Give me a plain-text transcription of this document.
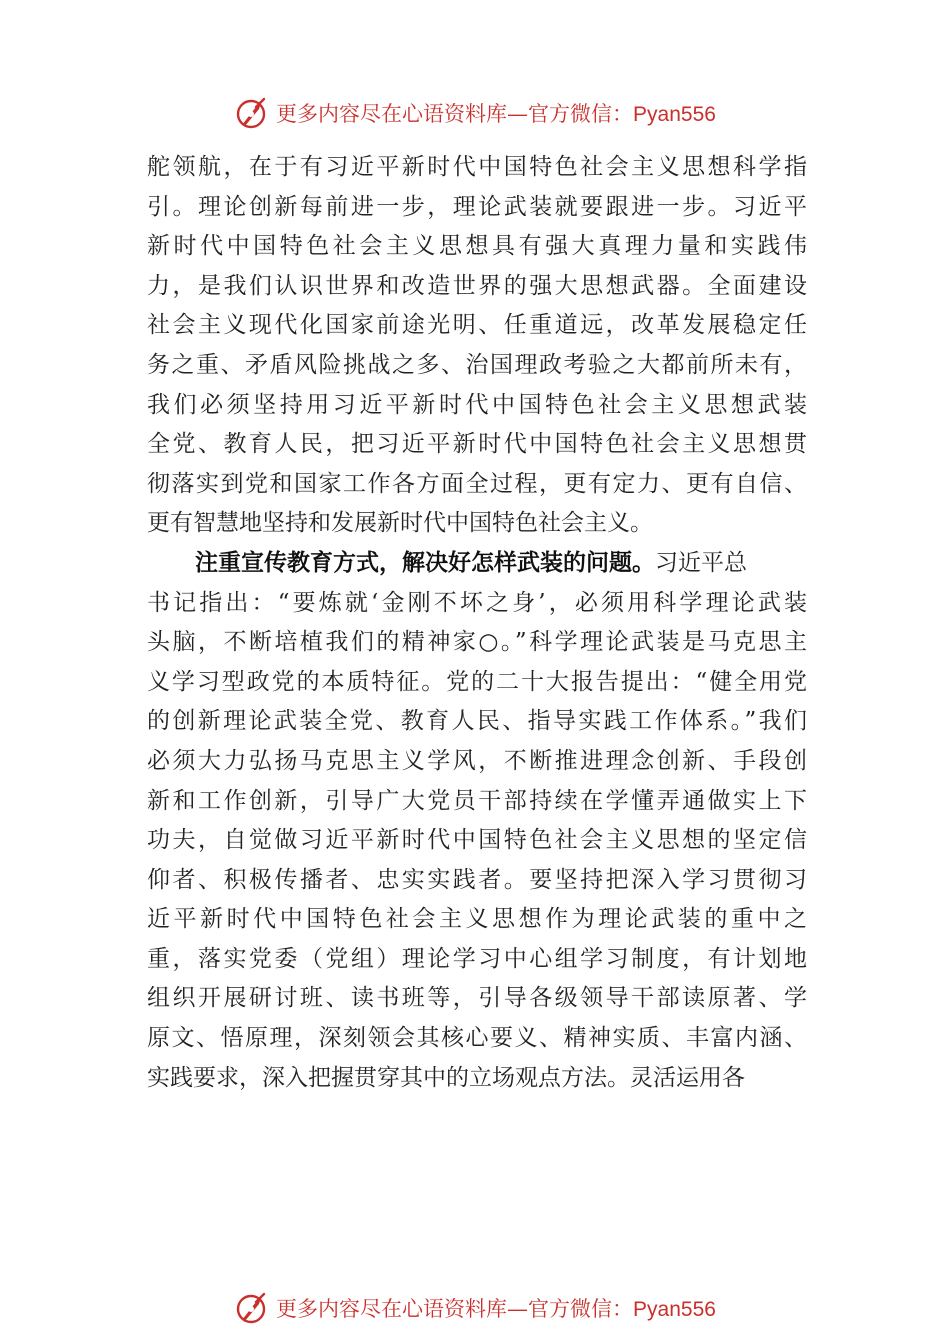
更多内容尽在心语资料库—官方微信：Pyan556
舵领航，在于有习近平新时代中国特色社会主义思想科学指
引。理论创新每前进一步，理论武装就要跟进一步。习近平
新时代中国特色社会主义思想具有强大真理力量和实践伟
力，是我们认识世界和改造世界的强大思想武器。全面建设
社会主义现代化国家前途光明、任重道远，改革发展稳定任
务之重、矛盾风险挑战之多、治国理政考验之大都前所未有，
我们必须坚持用习近平新时代中国特色社会主义思想武装
全党、教育人民，把习近平新时代中国特色社会主义思想贯
彻落实到党和国家工作各方面全过程，更有定力、更有自信、
更有智慧地坚持和发展新时代中国特色社会主义。
注重宣传教育方式，解决好怎样武装的问题。习近平总
书记指出：“要炼就‘金刚不坏之身’，必须用科学理论武装
头脑，不断培植我们的精神家○。”科学理论武装是马克思主
义学习型政党的本质特征。党的二十大报告提出：“健全用党
的创新理论武装全党、教育人民、指导实践工作体系。”我们
必须大力弘扬马克思主义学风，不断推进理念创新、手段创
新和工作创新，引导广大党员干部持续在学懂弄通做实上下
功夫，自觉做习近平新时代中国特色社会主义思想的坚定信
仰者、积极传播者、忠实实践者。要坚持把深入学习贯彻习
近平新时代中国特色社会主义思想作为理论武装的重中之
重，落实党委（党组）理论学习中心组学习制度，有计划地
组织开展研讨班、读书班等，引导各级领导干部读原著、学
原文、悟原理，深刻领会其核心要义、精神实质、丰富内涵、
实践要求，深入把握贯穿其中的立场观点方法。灵活运用各
更多内容尽在心语资料库—官方微信：Pyan556
